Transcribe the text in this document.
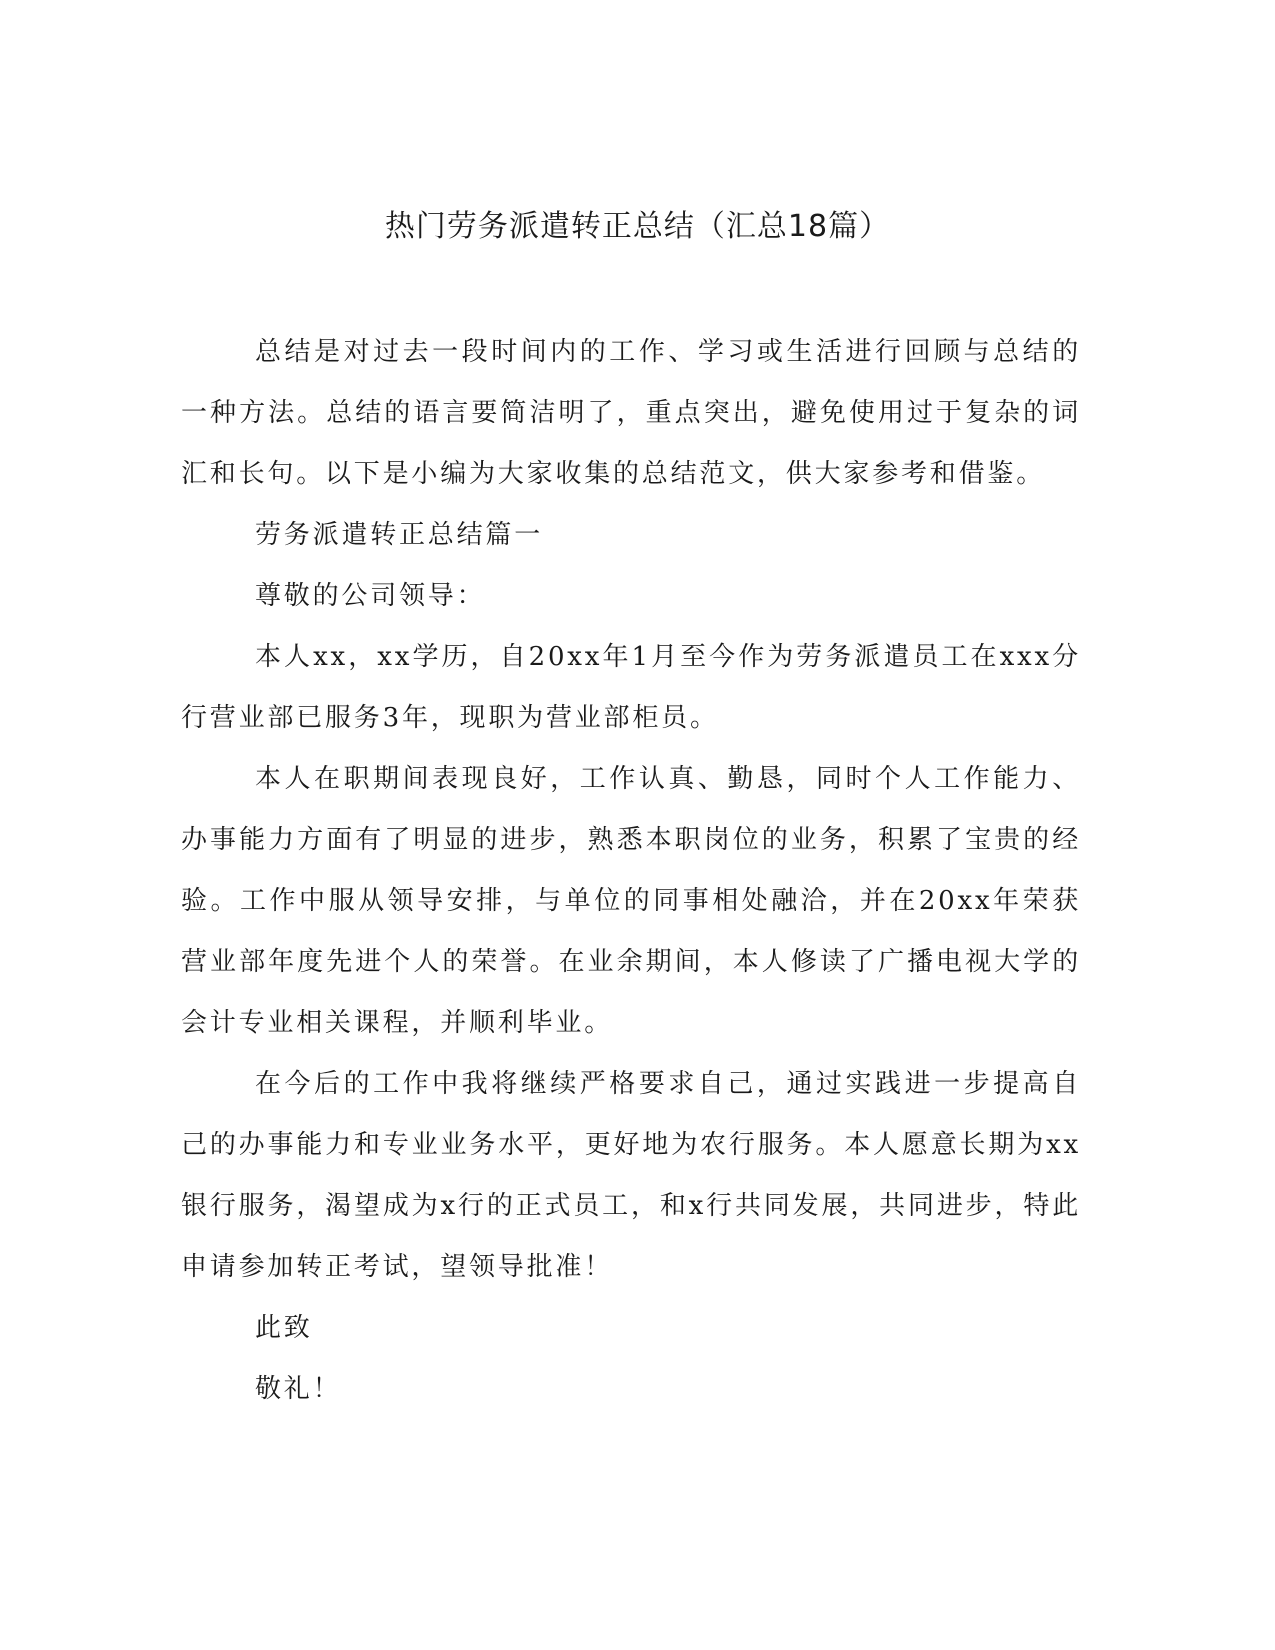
热门劳务派遣转正总结（汇总18篇）

总结是对过去一段时间内的工作、学习或生活进行回顾与总结的一种方法。总结的语言要简洁明了，重点突出，避免使用过于复杂的词汇和长句。以下是小编为大家收集的总结范文，供大家参考和借鉴。

劳务派遣转正总结篇一

尊敬的公司领导：

本人xx，xx学历，自20xx年1月至今作为劳务派遣员工在xxx分行营业部已服务3年，现职为营业部柜员。

本人在职期间表现良好，工作认真、勤恳，同时个人工作能力、办事能力方面有了明显的进步，熟悉本职岗位的业务，积累了宝贵的经验。工作中服从领导安排，与单位的同事相处融洽，并在20xx年荣获营业部年度先进个人的荣誉。在业余期间，本人修读了广播电视大学的会计专业相关课程，并顺利毕业。

在今后的工作中我将继续严格要求自己，通过实践进一步提高自己的办事能力和专业业务水平，更好地为农行服务。本人愿意长期为xx银行服务，渴望成为x行的正式员工，和x行共同发展，共同进步，特此申请参加转正考试，望领导批准！

此致

敬礼！
